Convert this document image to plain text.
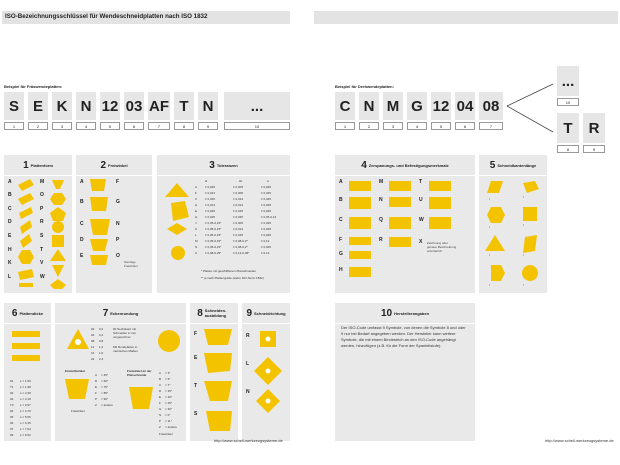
ISO-Bezeichnungsschlüssel für Wendeschneidplatten nach ISO 1832
Beispiel für Fräswendeplatten:	Beispiel für Drehwendeplatten:
S E K N 12 03 AF T N	...
1	2	3	4	5	6	7	8	9	10
C N M G 12 04 08
1	2	3	4	5	6	7
...
10
T	R
8	9
1 Plattenform
A
B
C
D
E
H
K
L
M
O
P
R
S
T
V
W
2 Freiwinkel
A
B
C
D
E
F
G
N
P
O
Sonstige Freiwinkel
3 Toleranzen
d	m	s
A	± 0,025	± 0,005	± 0,025
F	± 0,013	± 0,005	± 0,025
C	± 0,025	± 0,013	± 0,025
H	± 0,013	± 0,013	± 0,025
E	± 0,025	± 0,025	± 0,025
G	± 0,025	± 0,025	± 0,05-0,13
J	± 0,05-0,15*	± 0,005	± 0,025
K	± 0,05-0,15*	± 0,013	± 0,025
L	± 0,05-0,15*	± 0,025	± 0,025
M	± 0,05-0,15*	± 0,08-0,2*	± 0,13
N	± 0,05-0,15*	± 0,08-0,2*	± 0,025
U	± 0,08-0,25*	± 0,13-0,38*	± 0,13
* Platten mit geschliffenen Planschneiden
** je nach Plattengröße (siehe ISO-Norm 1832)
4 Zerspanungs- und Befestigungsmerkmale
A
B
C
F
G
H
M
N
Q
R
T
U
W
X Zeichnung oder genaue Beschreibung erforderlich
5 Schneidkantenlänge
l	l
l	l
l	l
l	l
6 Plattendicke
01 s = 1,59
T1 s = 1,98
02 s = 2,38
03 s = 3,18
T3 s = 3,97
04 s = 4,76
05 s = 5,56
06 s = 6,35
07 s = 7,94
09 s = 9,52
7 Eckenrundung
02 0,2
04 0,4
08 0,8
12 1,2
16 1,6
24 2,4
00 Sechskant mit Schneiden in mm umgerechnet
M0 Rundplatten in metrischen Maßen
Einstellwinkel
A = 45°
D = 60°
E = 75°
F = 85°
P = 90°
Z = andere
Freiwinkel
Freiwinkel an der Planschneide	A = 3°
B = 5°
C = 7°
D = 15°
E = 20°
F = 25°
G = 30°
N = 0°
P = 11°
Z = andere
Freiwinkel
8 Schneiden-ausbildung
F
E
T
S
9 Schneidrichtung
R
L
N
10 Herstellerangaben
Der ISO-Code umfasst 9 Symbole, von denen die Symbole 8 und oder 9 nur bei Bedarf angegeben werden. Der Hersteller kann weitere Symbole, die mit einem Bindestrich an den ISO-Code angehängt werden, hinzufügen (z.B. für die Form der Spanleitstufe).
http://www.schell-werkzeugsysteme.de	http://www.schell-werkzeugsysteme.de
